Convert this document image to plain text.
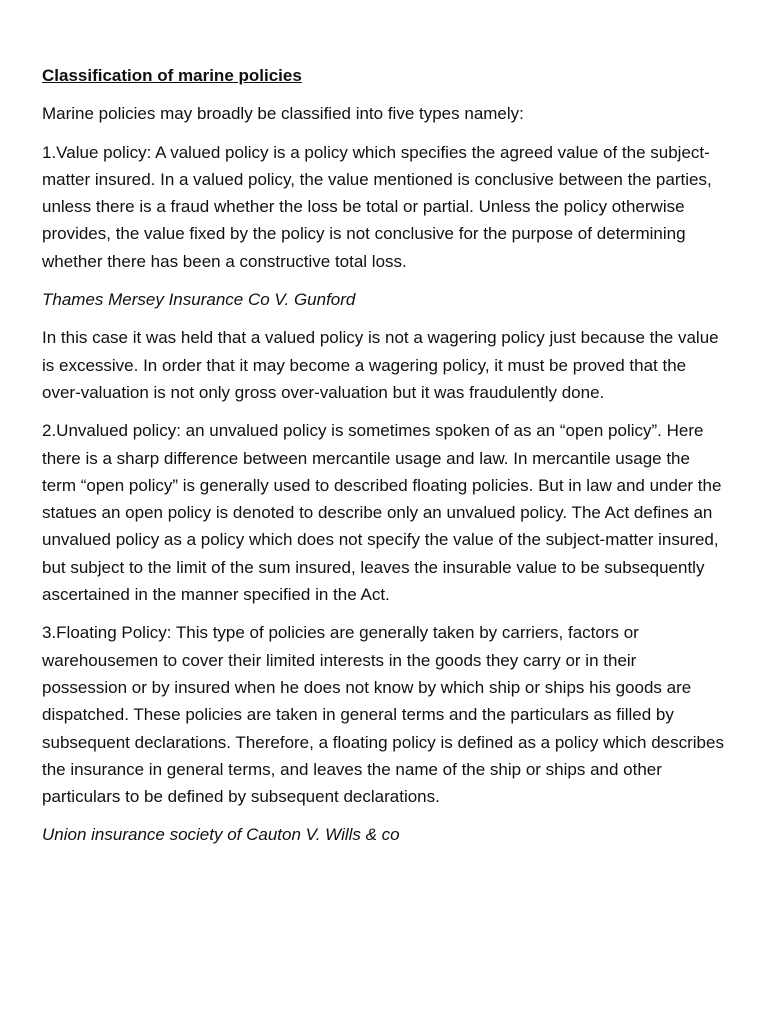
Classification of marine policies

Marine policies may broadly be classified into five types namely:

1.Value policy: A valued policy is a policy which specifies the agreed value of the subject-matter insured. In a valued policy, the value mentioned is conclusive between the parties, unless there is a fraud whether the loss be total or partial. Unless the policy otherwise provides, the value fixed by the policy is not conclusive for the purpose of determining whether there has been a constructive total loss.

Thames Mersey Insurance Co V. Gunford

In this case it was held that a valued policy is not a wagering policy just because the value is excessive. In order that it may become a wagering policy, it must be proved that the over-valuation is not only gross over-valuation but it was fraudulently done.

2.Unvalued policy: an unvalued policy is sometimes spoken of as an “open policy”. Here there is a sharp difference between mercantile usage and law. In mercantile usage the term “open policy” is generally used to described floating policies. But in law and under the statues an open policy is denoted to describe only an unvalued policy. The Act defines an unvalued policy as a policy which does not specify the value of the subject-matter insured, but subject to the limit of the sum insured, leaves the insurable value to be subsequently ascertained in the manner specified in the Act.

3.Floating Policy: This type of policies are generally taken by carriers, factors or warehousemen to cover their limited interests in the goods they carry or in their possession or by insured when he does not know by which ship or ships his goods are dispatched. These policies are taken in general terms and the particulars as filled by subsequent declarations. Therefore, a floating policy is defined as a policy which describes the insurance in general terms, and leaves the name of the ship or ships and other particulars to be defined by subsequent declarations.

Union insurance society of Cauton V. Wills & co
